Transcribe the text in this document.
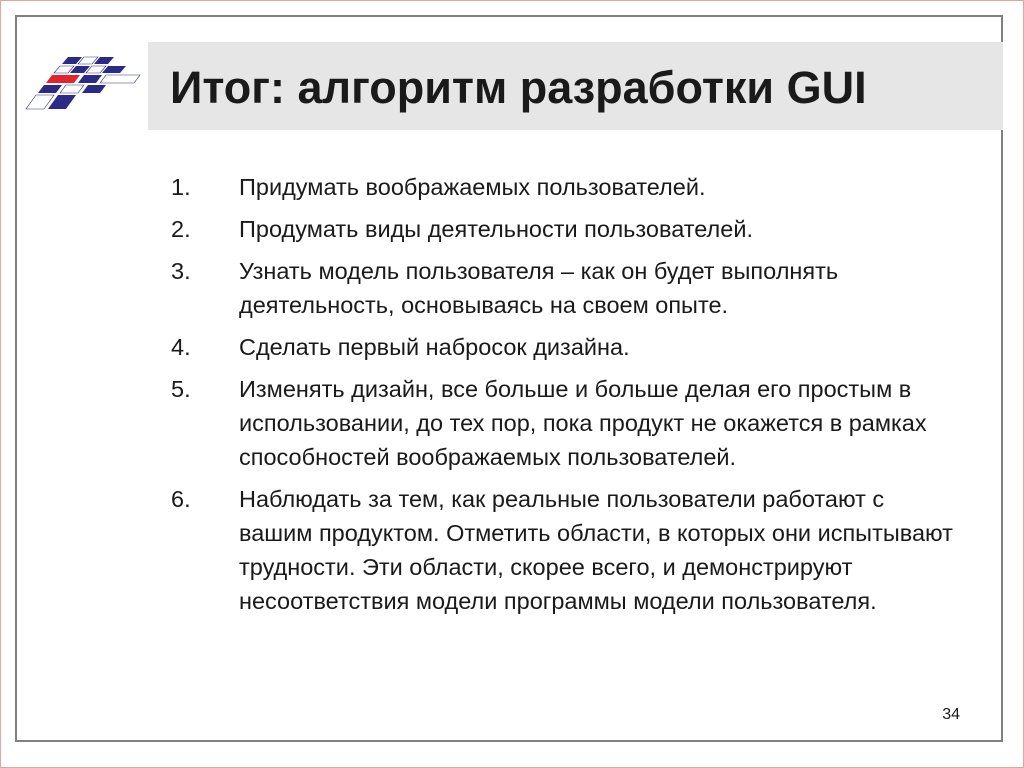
Итог: алгоритм разработки GUI
1. Придумать воображаемых пользователей.
2. Продумать виды деятельности пользователей.
3. Узнать модель пользователя – как он будет выполнять деятельность, основываясь на своем опыте.
4. Сделать первый набросок дизайна.
5. Изменять дизайн, все больше и больше делая его простым в использовании, до тех пор, пока продукт не окажется в рамках способностей воображаемых пользователей.
6. Наблюдать за тем, как реальные пользователи работают с вашим продуктом. Отметить области, в которых они испытывают трудности. Эти области, скорее всего, и демонстрируют несоответствия модели программы модели пользователя.
34
